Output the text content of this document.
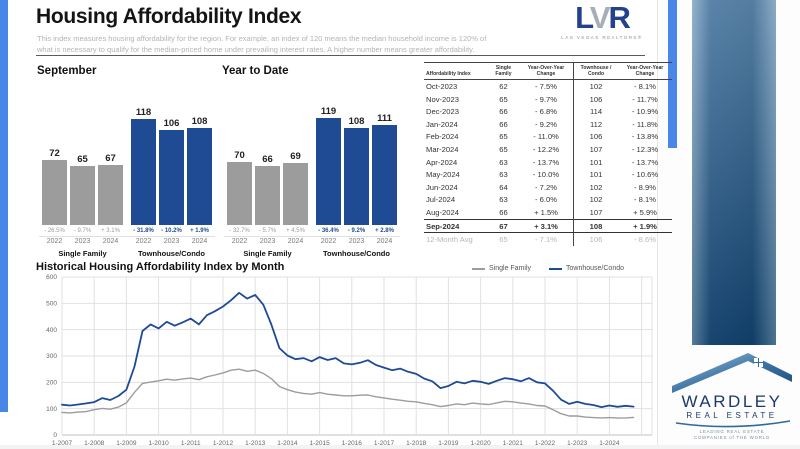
Housing Affordability Index
This index measures housing affordability for the region. For example, an index of 120 means the median household income is 120% of
what is necessary to qualify for the median-priced home under prevailing interest rates. A higher number means greater affordability.
LVR
LAS VEGAS REALTORS®
September
72
- 26.5%
2022
65
- 9.7%
2023
67
+ 3.1%
2024
Single Family
118
- 31.8%
2022
106
- 10.2%
2023
108
+ 1.9%
2024
Townhouse/Condo
Year to Date
70
- 32.7%
2022
66
- 5.7%
2023
69
+ 4.5%
2024
Single Family
119
- 36.4%
2022
108
- 9.2%
2023
111
+ 2.8%
2024
Townhouse/Condo
Affordability Index	Single Family	Year-Over-Year Change	Townhouse / Condo	Year-Over-Year Change
Oct-2023	62	- 7.5%	102	- 8.1%
Nov-2023	65	- 9.7%	106	- 11.7%
Dec-2023	66	- 6.8%	114	- 10.9%
Jan-2024	66	- 9.2%	112	- 11.8%
Feb-2024	65	- 11.0%	106	- 13.8%
Mar-2024	65	- 12.2%	107	- 12.3%
Apr-2024	63	- 13.7%	101	- 13.7%
May-2024	63	- 10.0%	101	- 10.6%
Jun-2024	64	- 7.2%	102	- 8.9%
Jul-2024	63	- 6.0%	102	- 8.1%
Aug-2024	66	+ 1.5%	107	+ 5.9%
Sep-2024	67	+ 3.1%	108	+ 1.9%
12-Month Avg	65	- 7.1%	106	- 8.6%
Historical Housing Affordability Index by Month	Single Family	Townhouse/Condo
0
100
200
300
400
500
600
1-2007 1-2008 1-2009 1-2010 1-2011 1-2012 1-2013 1-2014 1-2015 1-2016 1-2017 1-2018 1-2019 1-2020 1-2021 1-2022 1-2023 1-2024
WARDLEY
REAL ESTATE
LEADING REAL ESTATE
COMPANIES of THE WORLD
